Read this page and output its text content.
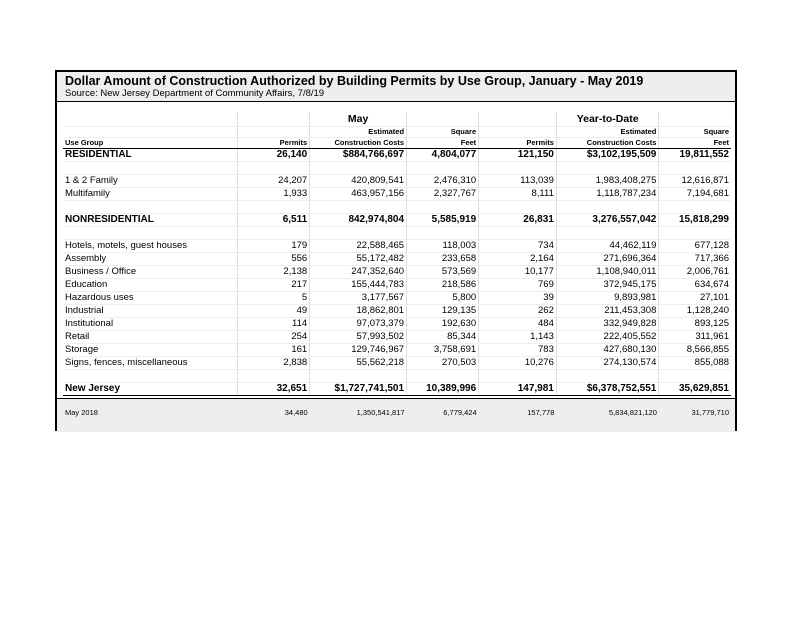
Dollar Amount of Construction Authorized by Building Permits by Use Group, January - May 2019
Source: New Jersey Department of Community Affairs, 7/8/19
		May			Year-to-Date	
		Estimated	Square		Estimated	Square
Use Group	Permits	Construction Costs	Feet	Permits	Construction Costs	Feet
RESIDENTIAL	26,140	$884,766,697	4,804,077	121,150	$3,102,195,509	19,811,552

1 & 2 Family	24,207	420,809,541	2,476,310	113,039	1,983,408,275	12,616,871
Multifamily	1,933	463,957,156	2,327,767	8,111	1,118,787,234	7,194,681

NONRESIDENTIAL	6,511	842,974,804	5,585,919	26,831	3,276,557,042	15,818,299

Hotels, motels, guest houses	179	22,588,465	118,003	734	44,462,119	677,128
Assembly	556	55,172,482	233,658	2,164	271,696,364	717,366
Business / Office	2,138	247,352,640	573,569	10,177	1,108,940,011	2,006,761
Education	217	155,444,783	218,586	769	372,945,175	634,674
Hazardous uses	5	3,177,567	5,800	39	9,893,981	27,101
Industrial	49	18,862,801	129,135	262	211,453,308	1,128,240
Institutional	114	97,073,379	192,630	484	332,949,828	893,125
Retail	254	57,993,502	85,344	1,143	222,405,552	311,961
Storage	161	129,746,967	3,758,691	783	427,680,130	8,566,855
Signs, fences, miscellaneous	2,838	55,562,218	270,503	10,276	274,130,574	855,088

New Jersey	32,651	$1,727,741,501	10,389,996	147,981	$6,378,752,551	35,629,851
May 2018	34,480	1,350,541,817	6,779,424	157,778	5,834,821,120	31,779,710
